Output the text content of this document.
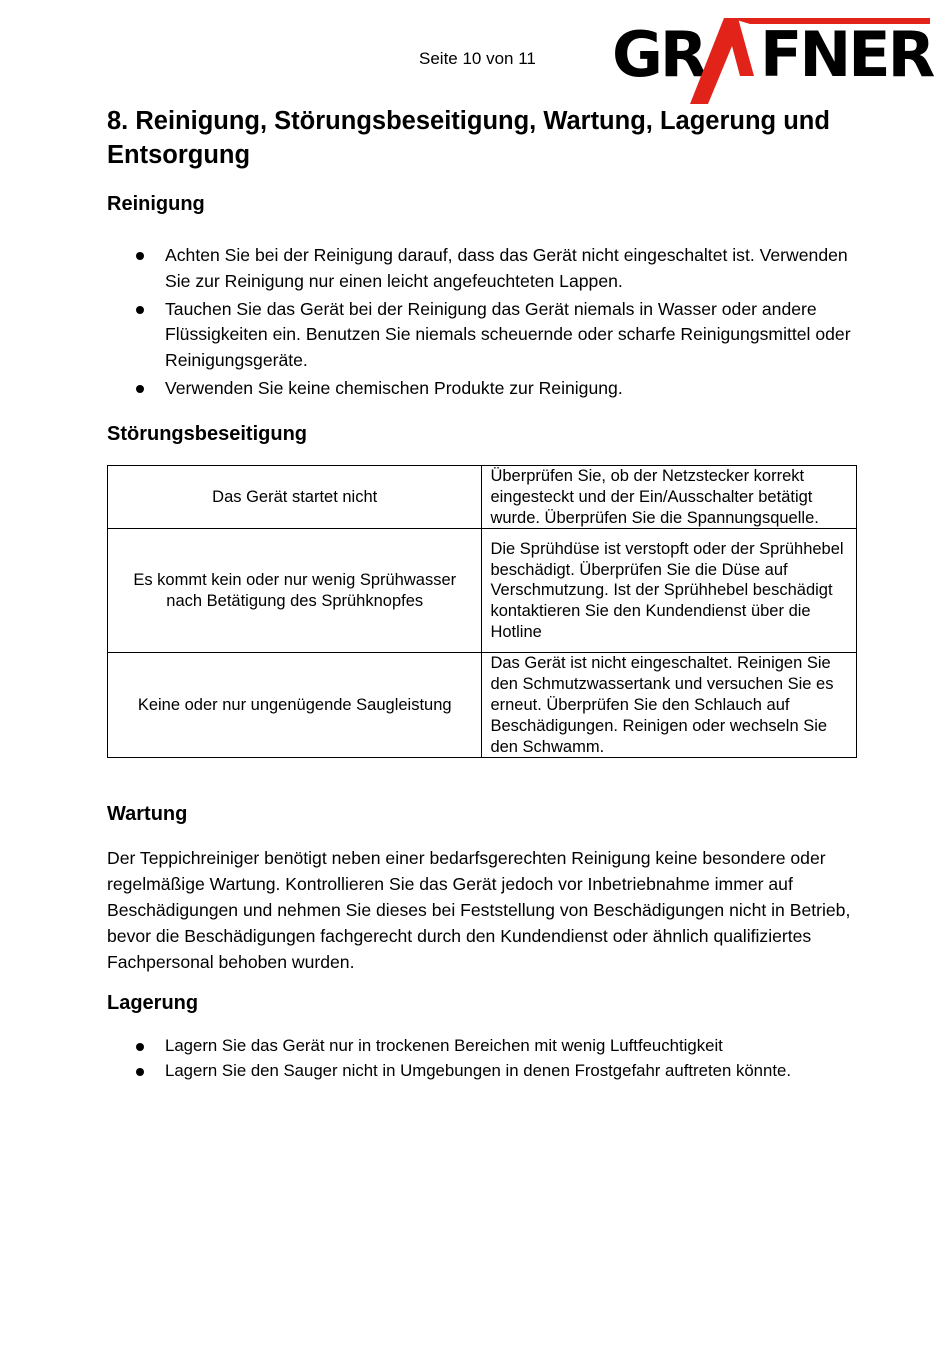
Seite 10 von 11 GR FNER
8. Reinigung, Störungsbeseitigung, Wartung, Lagerung und Entsorgung
Reinigung
Achten Sie bei der Reinigung darauf, dass das Gerät nicht eingeschaltet ist. Verwenden Sie zur Reinigung nur einen leicht angefeuchteten Lappen.
Tauchen Sie das Gerät bei der Reinigung das Gerät niemals in Wasser oder andere Flüssigkeiten ein. Benutzen Sie niemals scheuernde oder scharfe Reinigungsmittel oder Reinigungsgeräte.
Verwenden Sie keine chemischen Produkte zur Reinigung.
Störungsbeseitigung
Das Gerät startet nicht	Überprüfen Sie, ob der Netzstecker korrekt eingesteckt und der Ein/Ausschalter betätigt wurde. Überprüfen Sie die Spannungsquelle.
Es kommt kein oder nur wenig Sprühwasser nach Betätigung des Sprühknopfes	Die Sprühdüse ist verstopft oder der Sprühhebel beschädigt. Überprüfen Sie die Düse auf Verschmutzung. Ist der Sprühhebel beschädigt kontaktieren Sie den Kundendienst über die Hotline
Keine oder nur ungenügende Saugleistung	Das Gerät ist nicht eingeschaltet. Reinigen Sie den Schmutzwassertank und versuchen Sie es erneut. Überprüfen Sie den Schlauch auf Beschädigungen. Reinigen oder wechseln Sie den Schwamm.
Wartung

Der Teppichreiniger benötigt neben einer bedarfsgerechten Reinigung keine besondere oder regelmäßige Wartung. Kontrollieren Sie das Gerät jedoch vor Inbetriebnahme immer auf Beschädigungen und nehmen Sie dieses bei Feststellung von Beschädigungen nicht in Betrieb, bevor die Beschädigungen fachgerecht durch den Kundendienst oder ähnlich qualifiziertes Fachpersonal behoben wurden.

Lagerung
Lagern Sie das Gerät nur in trockenen Bereichen mit wenig Luftfeuchtigkeit
Lagern Sie den Sauger nicht in Umgebungen in denen Frostgefahr auftreten könnte.
